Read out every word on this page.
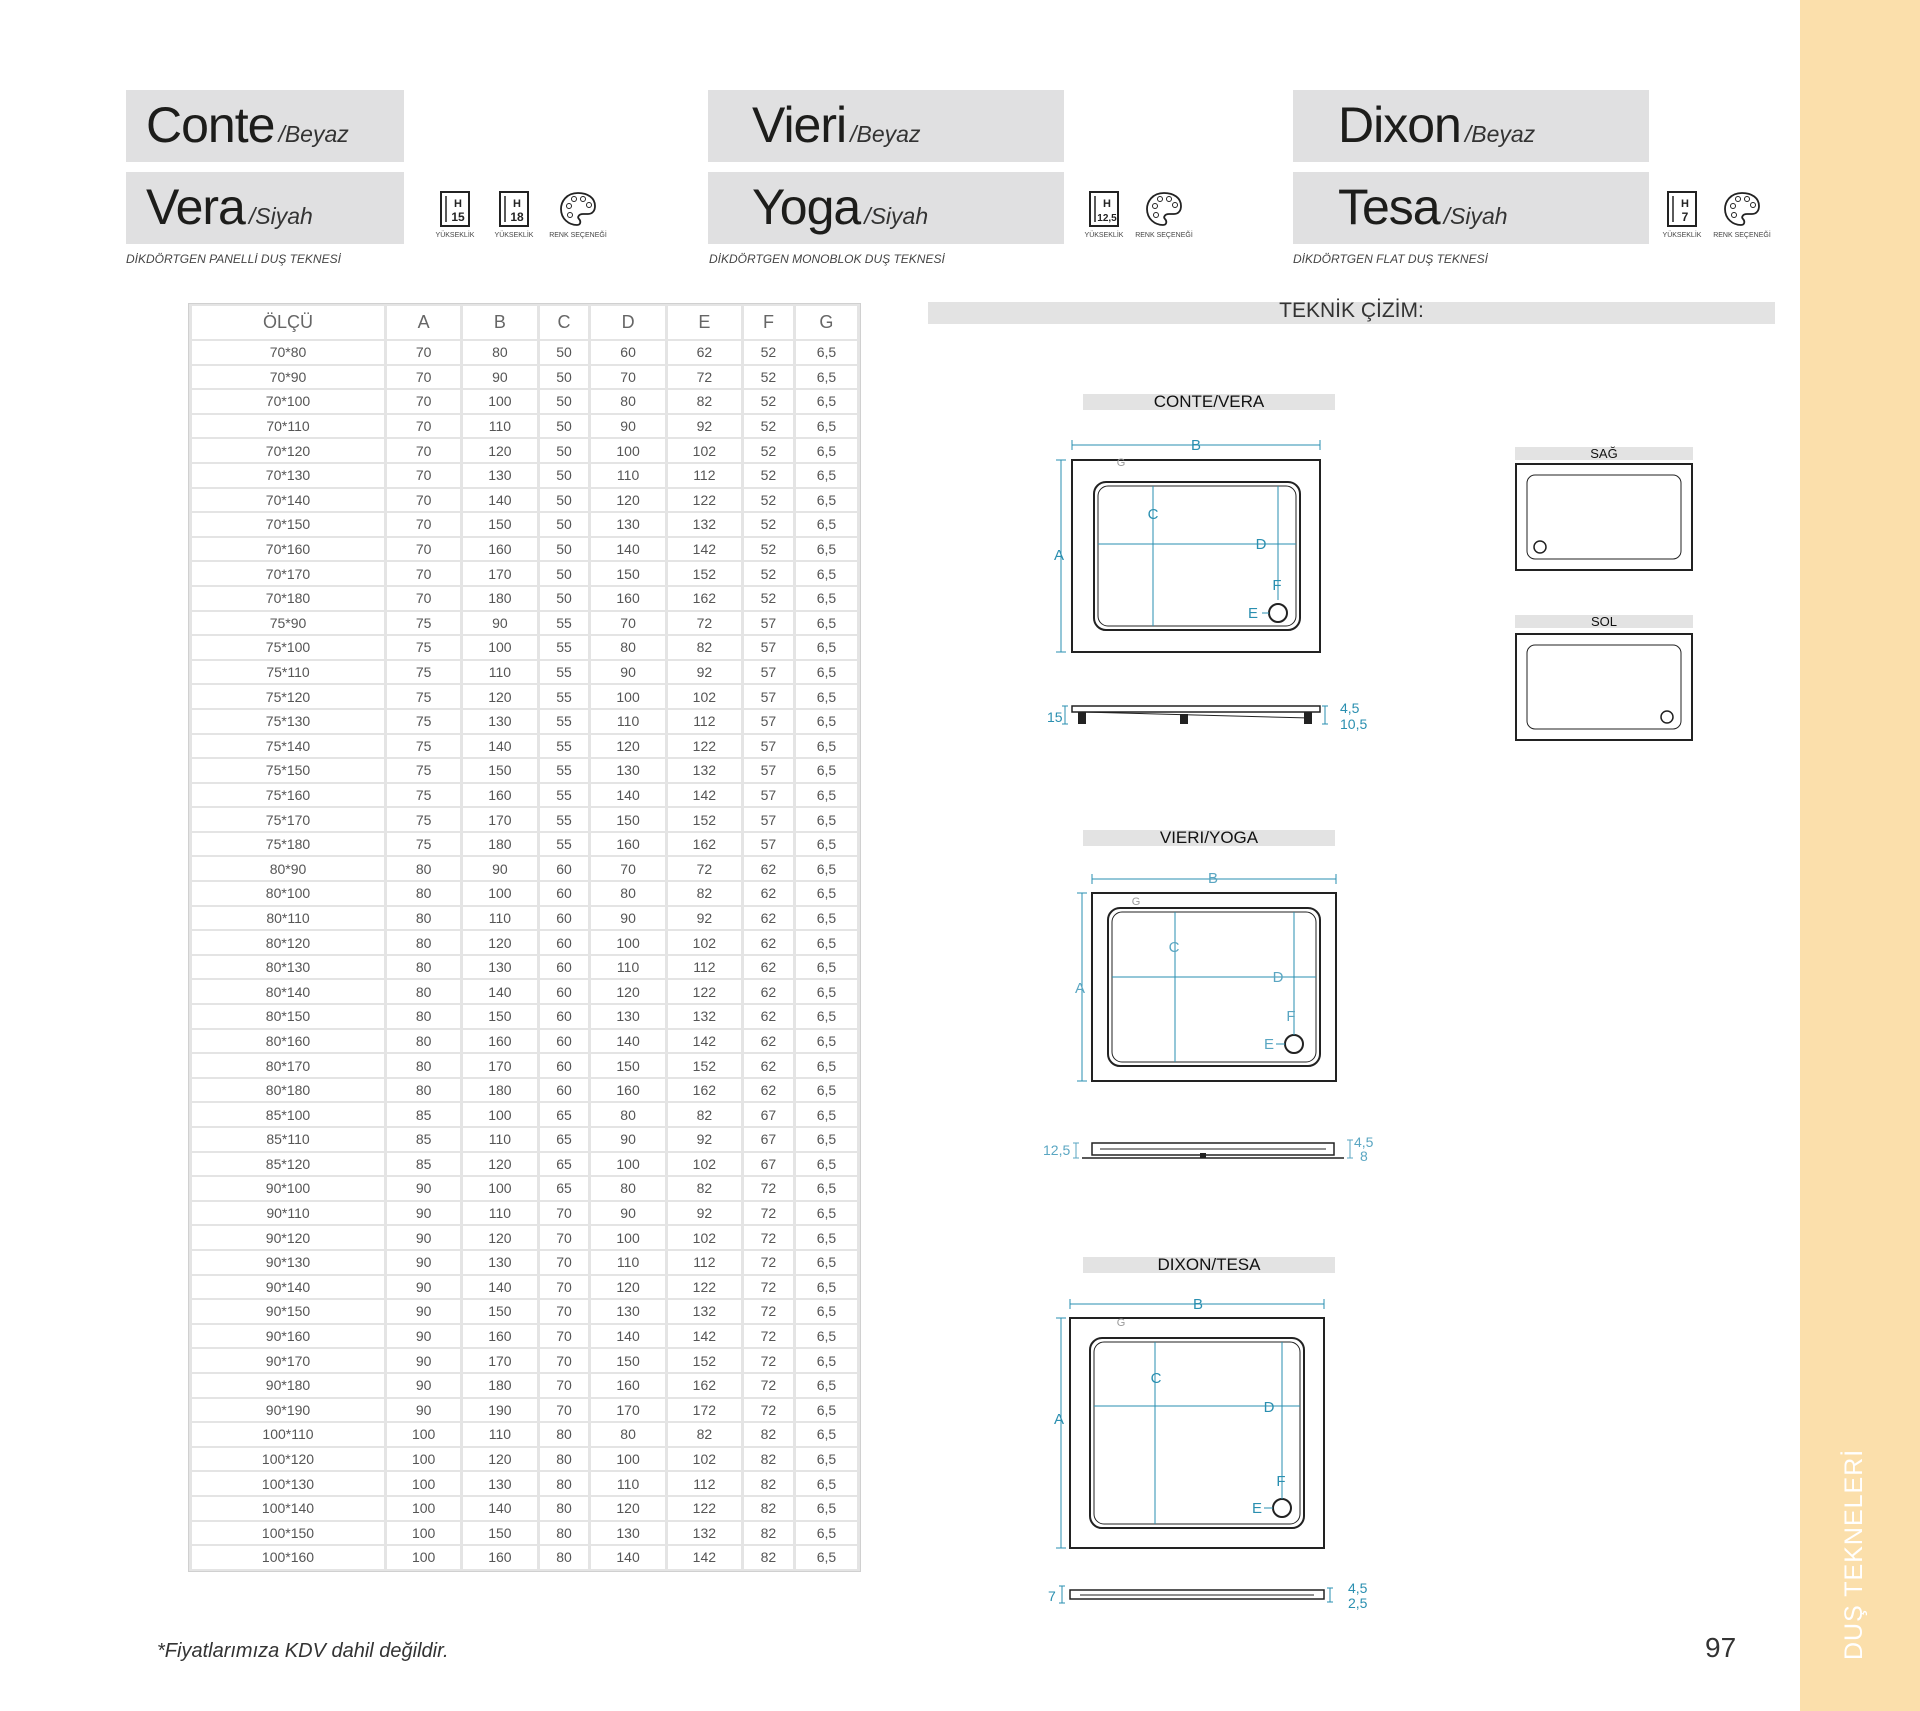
DUŞ TEKNELERİ
Conte /Beyaz
Vera /Siyah
DİKDÖRTGEN PANELLİ DUŞ TEKNESİ
Vieri /Beyaz
Yoga /Siyah
DİKDÖRTGEN MONOBLOK DUŞ TEKNESİ
Dixon /Beyaz
Tesa /Siyah
DİKDÖRTGEN FLAT DUŞ TEKNESİ
H
15
YÜKSEKLİK
H
18
YÜKSEKLİK	RENK SEÇENEĞİ
H
12,5
YÜKSEKLİK	RENK SEÇENEĞİ
H
7
YÜKSEKLİK	RENK SEÇENEĞİ
ÖLÇÜ	A	B	C	D	E	F	G
70*80	70	80	50	60	62	52	6,5
70*90	70	90	50	70	72	52	6,5
70*100	70	100	50	80	82	52	6,5
70*110	70	110	50	90	92	52	6,5
70*120	70	120	50	100	102	52	6,5
70*130	70	130	50	110	112	52	6,5
70*140	70	140	50	120	122	52	6,5
70*150	70	150	50	130	132	52	6,5
70*160	70	160	50	140	142	52	6,5
70*170	70	170	50	150	152	52	6,5
70*180	70	180	50	160	162	52	6,5
75*90	75	90	55	70	72	57	6,5
75*100	75	100	55	80	82	57	6,5
75*110	75	110	55	90	92	57	6,5
75*120	75	120	55	100	102	57	6,5
75*130	75	130	55	110	112	57	6,5
75*140	75	140	55	120	122	57	6,5
75*150	75	150	55	130	132	57	6,5
75*160	75	160	55	140	142	57	6,5
75*170	75	170	55	150	152	57	6,5
75*180	75	180	55	160	162	57	6,5
80*90	80	90	60	70	72	62	6,5
80*100	80	100	60	80	82	62	6,5
80*110	80	110	60	90	92	62	6,5
80*120	80	120	60	100	102	62	6,5
80*130	80	130	60	110	112	62	6,5
80*140	80	140	60	120	122	62	6,5
80*150	80	150	60	130	132	62	6,5
80*160	80	160	60	140	142	62	6,5
80*170	80	170	60	150	152	62	6,5
80*180	80	180	60	160	162	62	6,5
85*100	85	100	65	80	82	67	6,5
85*110	85	110	65	90	92	67	6,5
85*120	85	120	65	100	102	67	6,5
90*100	90	100	65	80	82	72	6,5
90*110	90	110	70	90	92	72	6,5
90*120	90	120	70	100	102	72	6,5
90*130	90	130	70	110	112	72	6,5
90*140	90	140	70	120	122	72	6,5
90*150	90	150	70	130	132	72	6,5
90*160	90	160	70	140	142	72	6,5
90*170	90	170	70	150	152	72	6,5
90*180	90	180	70	160	162	72	6,5
90*190	90	190	70	170	172	72	6,5
100*110	100	110	80	80	82	82	6,5
100*120	100	120	80	100	102	82	6,5
100*130	100	130	80	110	112	82	6,5
100*140	100	140	80	120	122	82	6,5
100*150	100	150	80	130	132	82	6,5
100*160	100	160	80	140	142	82	6,5
TEKNİK ÇİZİM:
CONTE/VERA
VIERI/YOGA
DIXON/TESA
B
A
C
D
E
F
G
15
4,5
10,5
B
A
C
D
E
F
G
12,5	4,5
8
B
A
C
D
E
F
G
7	4,5
2,5
SAĞ
SOL
*Fiyatlarımıza KDV dahil değildir.	97
